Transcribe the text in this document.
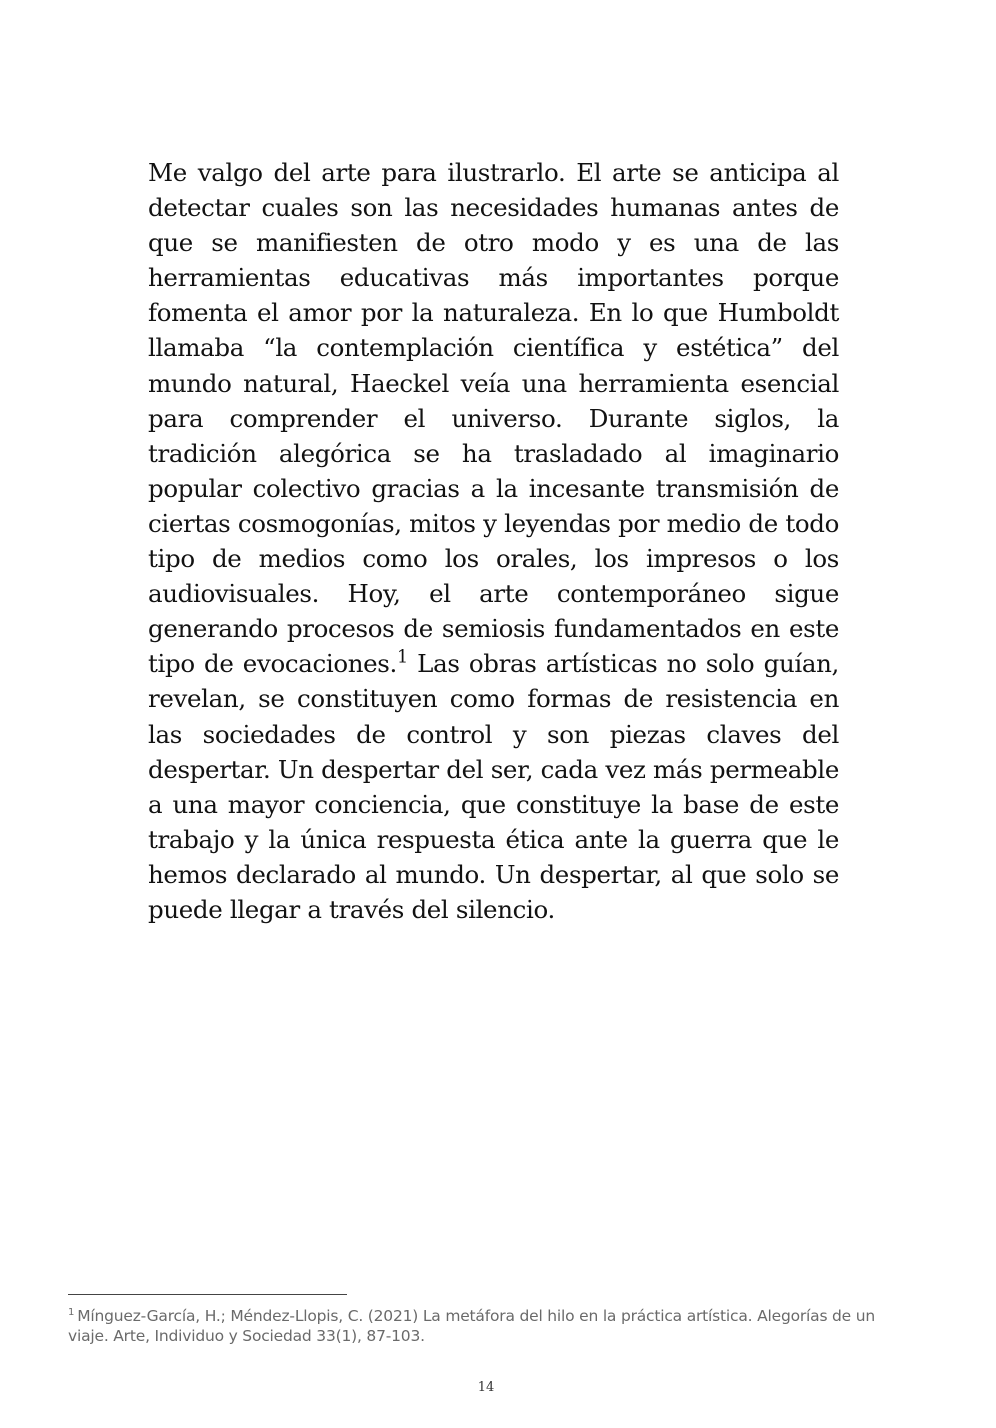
Me valgo del arte para ilustrarlo. El arte se anticipa al detectar cuales son las necesidades humanas antes de que se manifiesten de otro modo y es una de las herramientas educativas más importantes porque fomenta el amor por la naturaleza. En lo que Humboldt llamaba “la contemplación científica y estética” del mundo natural, Haeckel veía una herramienta esencial para comprender el universo. Durante siglos, la tradición alegórica se ha trasladado al imaginario popular colectivo gracias a la incesante transmisión de ciertas cosmogonías, mitos y leyendas por medio de todo tipo de medios como los orales, los impresos o los audiovisuales. Hoy, el arte contemporáneo sigue generando procesos de semiosis fundamentados en este tipo de evocaciones.$^1$ Las obras artísticas no solo guían, revelan, se constituyen como formas de resistencia en las sociedades de control y son piezas claves del despertar. Un despertar del ser, cada vez más permeable a una mayor conciencia, que constituye la base de este trabajo y la única respuesta ética ante la guerra que le hemos declarado al mundo. Un despertar, al que solo se puede llegar a través del silencio.

$^1$ Mínguez-García, H.; Méndez-Llopis, C. (2021) La metáfora del hilo en la práctica artística. Alegorías de un viaje. Arte, Individuo y Sociedad 33(1), 87-103.

14
